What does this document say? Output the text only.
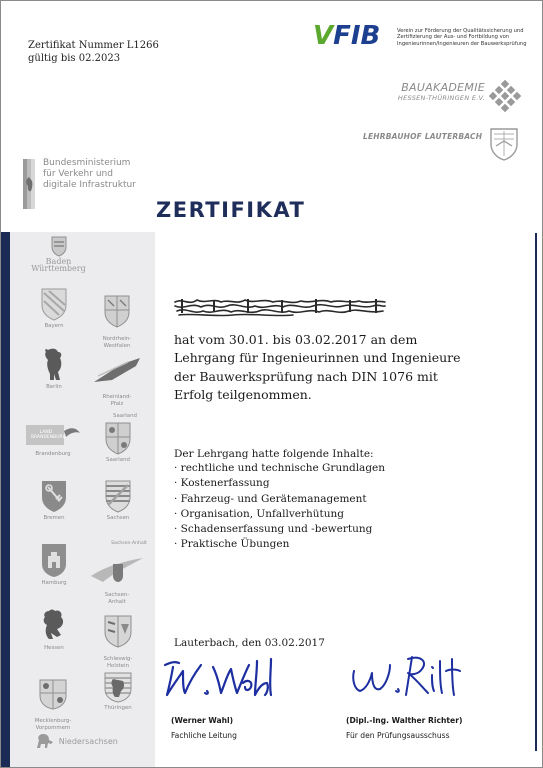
Zertifikat Nummer L1266
gültig bis 02.2023
VFIB	Verein zur Förderung der Qualitätssicherung und
Zertifizierung der Aus- und Fortbildung von
Ingenieurinnen/Ingenieuren der Bauwerksprüfung
BAUAKADEMIE
HESSEN-THÜRINGEN E.V.
LEHRBAUHOF LAUTERBACH
Bundesministerium
für Verkehr und
digitale Infrastruktur
ZERTIFIKAT
Baden Württemberg
Bayern

Nordrhein-
Westfalen

Berlin

Rheinland-
Pfalz

Saarland
LAND
BRANDENBURG
Brandenburg
Saarland
Bremen	Sachsen
Sachsen-Anhalt
Hamburg

Sachsen-
Anhalt

Hessen

Schleswig-
Holstein

Mecklenburg-
Vorpommern

Thüringen
Niedersachsen
hat vom 30.01. bis 03.02.2017 an dem
Lehrgang für Ingenieurinnen und Ingenieure
der Bauwerksprüfung nach DIN 1076 mit
Erfolg teilgenommen.
Der Lehrgang hatte folgende Inhalte:
· rechtliche und technische Grundlagen
· Kostenerfassung
· Fahrzeug- und Gerätemanagement
· Organisation, Unfallverhütung
· Schadenserfassung und -bewertung
· Praktische Übungen
Lauterbach, den 03.02.2017
(Werner Wahl)
Fachliche Leitung
(Dipl.-Ing. Walther Richter)
Für den Prüfungsausschuss
